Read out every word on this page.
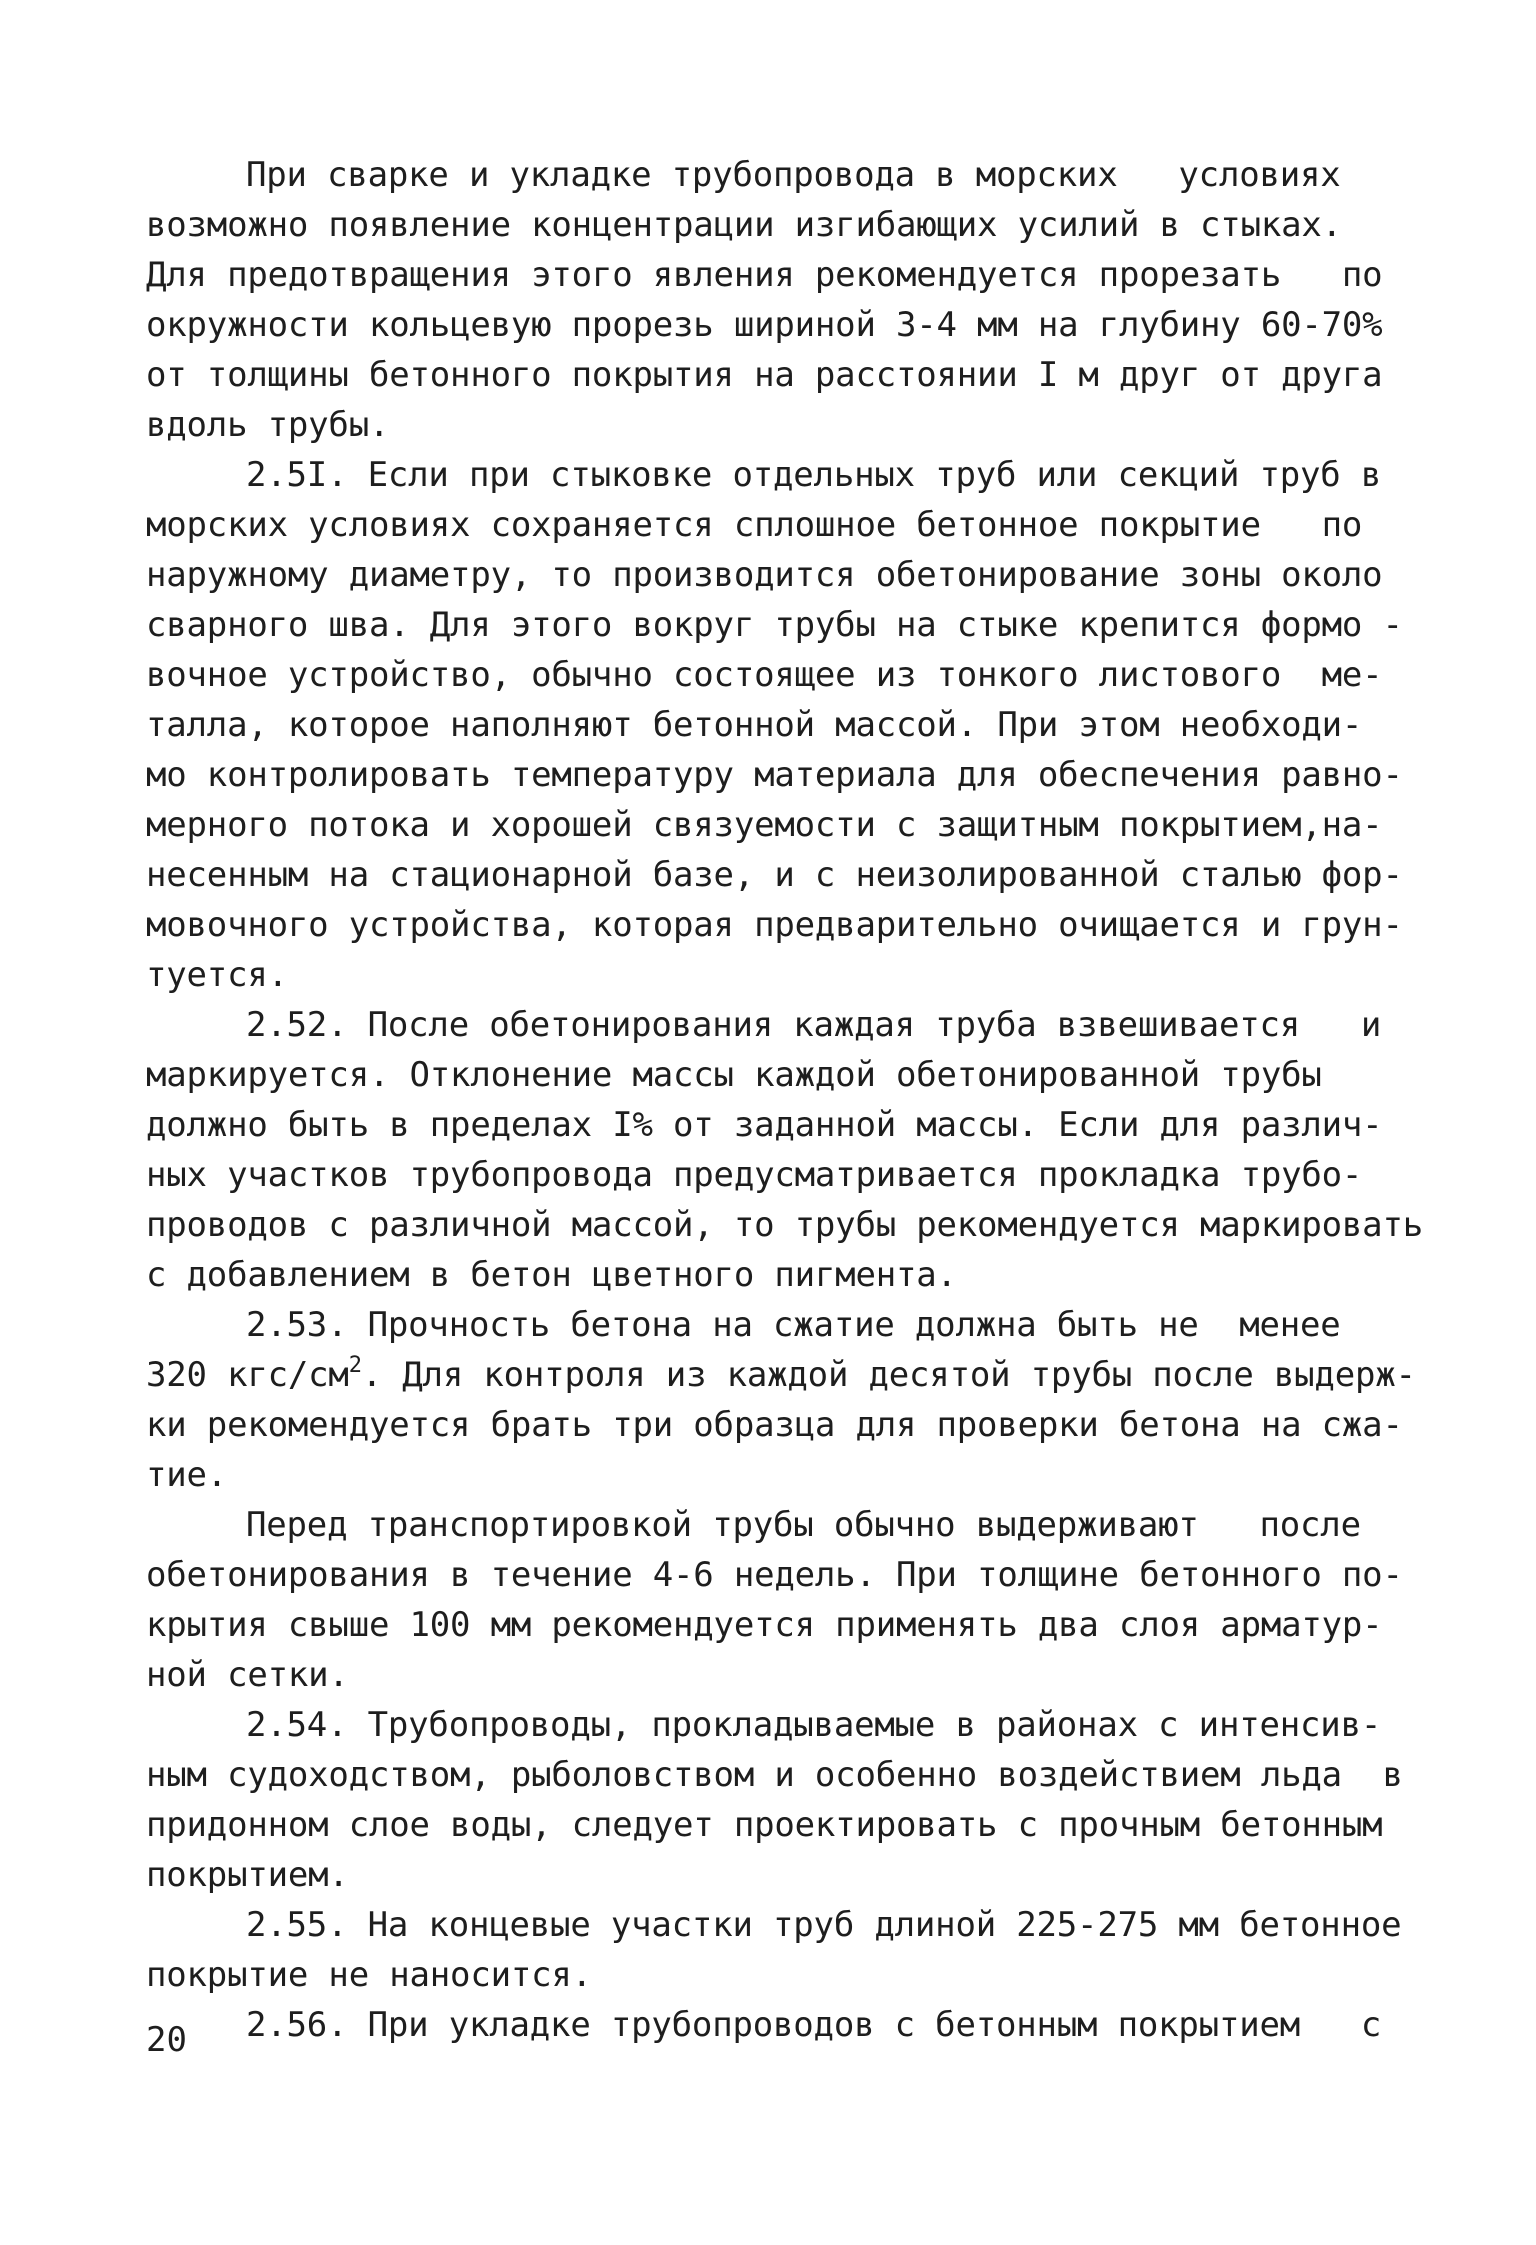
При сварке и укладке трубопровода в морских   условиях
возможно появление концентрации изгибающих усилий в стыках.
Для предотвращения этого явления рекомендуется прорезать   по
окружности кольцевую прорезь шириной 3-4 мм на глубину 60-70%
от толщины бетонного покрытия на расстоянии I м друг от друга
вдоль трубы.
2.5I. Если при стыковке отдельных труб или секций труб в
морских условиях сохраняется сплошное бетонное покрытие   по
наружному диаметру, то производится обетонирование зоны около
сварного шва. Для этого вокруг трубы на стыке крепится формо -
вочное устройство, обычно состоящее из тонкого листового  ме-
талла, которое наполняют бетонной массой. При этом необходи-
мо контролировать температуру материала для обеспечения равно-
мерного потока и хорошей связуемости с защитным покрытием,на-
несенным на стационарной базе, и с неизолированной сталью фор-
мовочного устройства, которая предварительно очищается и грун-
туется.
2.52. После обетонирования каждая труба взвешивается   и
маркируется. Отклонение массы каждой обетонированной трубы
должно быть в пределах I% от заданной массы. Если для различ-
ных участков трубопровода предусматривается прокладка трубо-
проводов с различной массой, то трубы рекомендуется маркировать
с добавлением в бетон цветного пигмента.
2.53. Прочность бетона на сжатие должна быть не  менее
320 кгс/$см^2$. Для контроля из каждой десятой трубы после выдерж-
ки рекомендуется брать три образца для проверки бетона на сжа-
тие.
Перед транспортировкой трубы обычно выдерживают   после
обетонирования в течение 4-6 недель. При толщине бетонного по-
крытия свыше 100 мм рекомендуется применять два слоя арматур-
ной сетки.
2.54. Трубопроводы, прокладываемые в районах с интенсив-
ным судоходством, рыболовством и особенно воздействием льда  в
придонном слое воды, следует проектировать с прочным бетонным
покрытием.
2.55. На концевые участки труб длиной 225-275 мм бетонное
покрытие не наносится.
2.56. При укладке трубопроводов с бетонным покрытием   с
20
